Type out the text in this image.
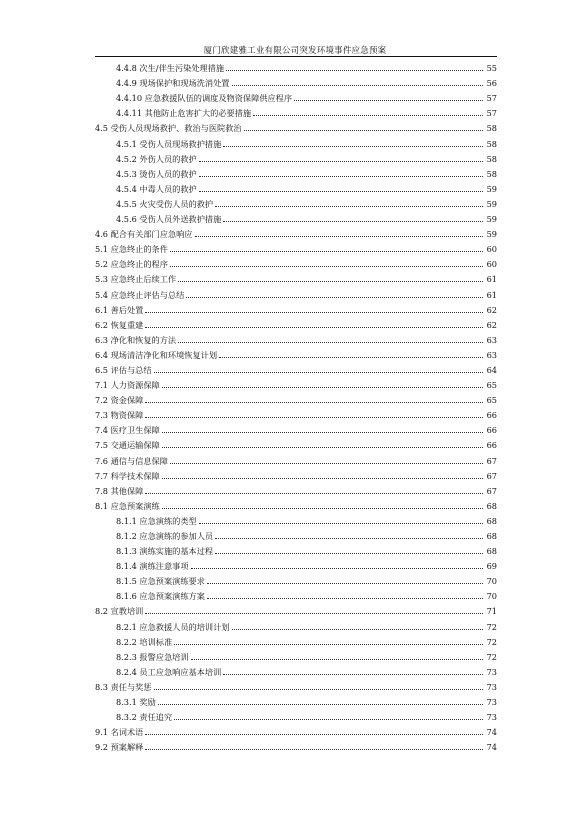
厦门欣建雅工业有限公司突发环境事件应急预案
4.4.8 次生/伴生污染处理措施	55
4.4.9 现场保护和现场洗消处置	56
4.4.10 应急救援队伍的调度及物资保障供应程序	57
4.4.11 其他防止危害扩大的必要措施	57
4.5 受伤人员现场救护、救治与医院救治	58
4.5.1 受伤人员现场救护措施	58
4.5.2 外伤人员的救护	58
4.5.3 烫伤人员的救护	58
4.5.4 中毒人员的救护	59
4.5.5 火灾受伤人员的救护	59
4.5.6 受伤人员外送救护措施	59
4.6 配合有关部门应急响应	59
5.1 应急终止的条件	60
5.2 应急终止的程序	60
5.3 应急终止后续工作	61
5.4 应急终止评估与总结	61
6.1 善后处置	62
6.2 恢复重建	62
6.3 净化和恢复的方法	63
6.4 现场清洁净化和环境恢复计划	63
6.5 评估与总结	64
7.1 人力资源保障	65
7.2 资金保障	65
7.3 物资保障	66
7.4 医疗卫生保障	66
7.5 交通运输保障	66
7.6 通信与信息保障	67
7.7 科学技术保障	67
7.8 其他保障	67
8.1 应急预案演练	68
8.1.1 应急演练的类型	68
8.1.2 应急演练的参加人员	68
8.1.3 演练实施的基本过程	68
8.1.4 演练注意事项	69
8.1.5 应急预案演练要求	70
8.1.6 应急预案演练方案	70
8.2 宣教培训	71
8.2.1 应急救援人员的培训计划	72
8.2.2 培训标准	72
8.2.3 报警应急培训	72
8.2.4 员工应急响应基本培训	73
8.3 责任与奖惩	73
8.3.1 奖励	73
8.3.2 责任追究	73
9.1 名词术语	74
9.2 预案解释	74
